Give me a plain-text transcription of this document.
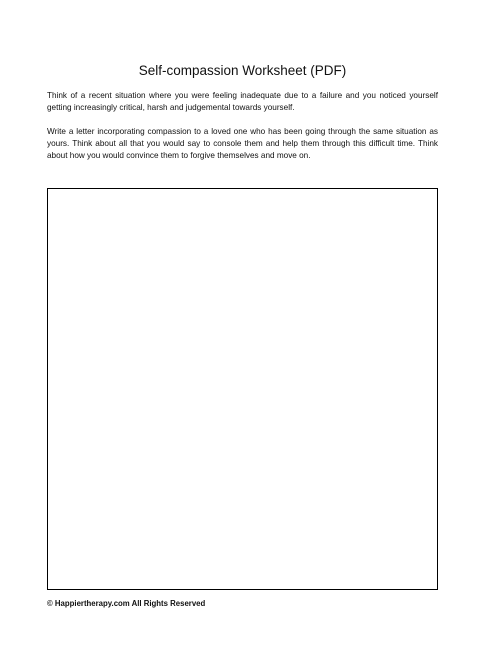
Self-compassion Worksheet (PDF)
Think of a recent situation where you were feeling inadequate due to a failure and you noticed yourself getting increasingly critical, harsh and judgemental towards yourself.
Write a letter incorporating compassion to a loved one who has been going through the same situation as yours. Think about all that you would say to console them and help them through this difficult time. Think about how you would convince them to forgive themselves and move on.
© Happiertherapy.com All Rights Reserved
